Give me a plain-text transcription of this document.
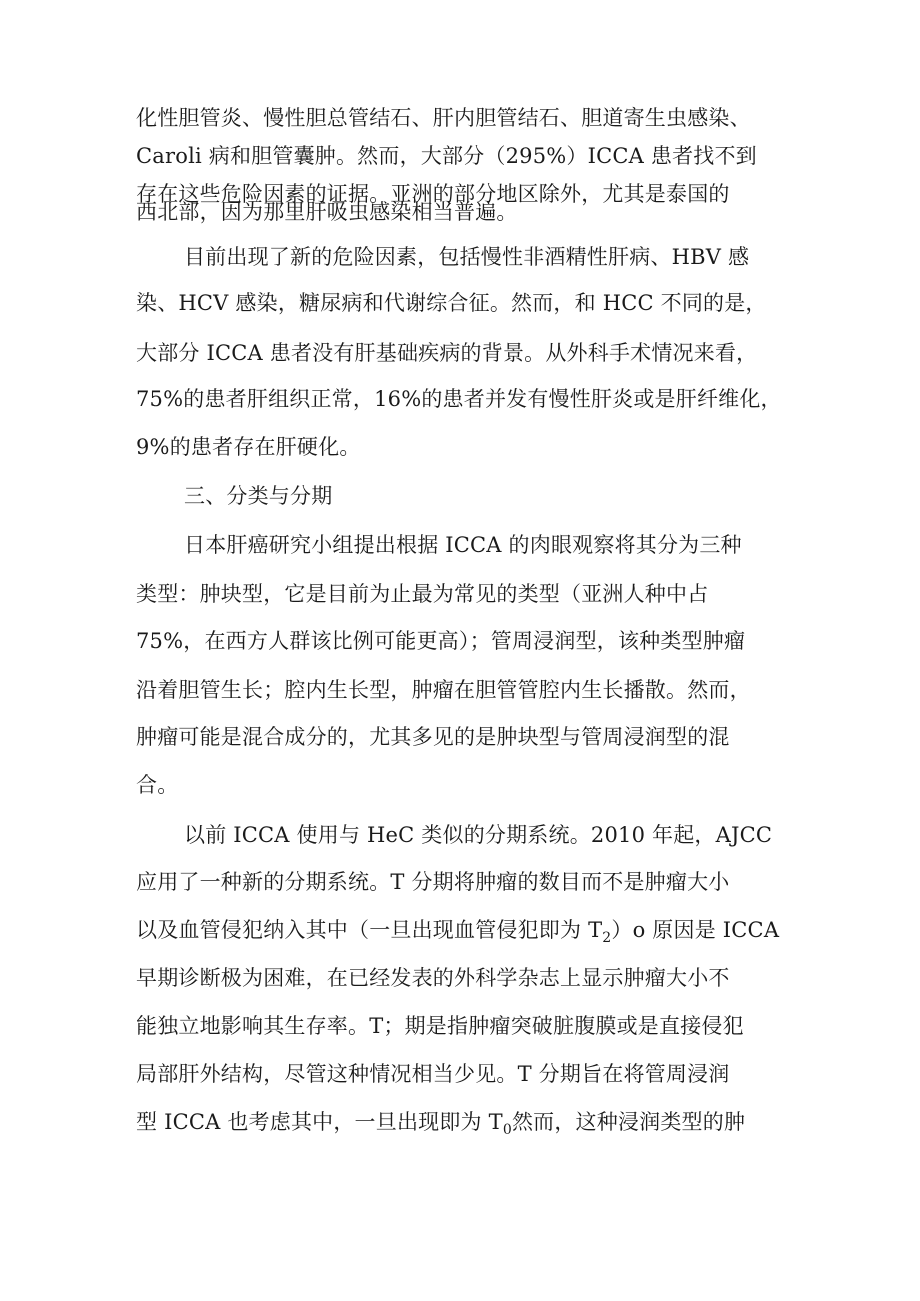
化性胆管炎、慢性胆总管结石、肝内胆管结石、胆道寄生虫感染、
Caroli 病和胆管囊肿。然而，大部分（295%）ICCA 患者找不到
存在这些危险因素的证据。亚洲的部分地区除外，尤其是泰国的
西北部，因为那里肝吸虫感染相当普遍。
目前出现了新的危险因素，包括慢性非酒精性肝病、HBV 感
染、HCV 感染，糖尿病和代谢综合征。然而，和 HCC 不同的是，
大部分 ICCA 患者没有肝基础疾病的背景。从外科手术情况来看，
75%的患者肝组织正常，16%的患者并发有慢性肝炎或是肝纤维化，
9%的患者存在肝硬化。
三、分类与分期
日本肝癌研究小组提出根据 ICCA 的肉眼观察将其分为三种
类型：肿块型，它是目前为止最为常见的类型（亚洲人种中占
75%，在西方人群该比例可能更高）；管周浸润型，该种类型肿瘤
沿着胆管生长；腔内生长型，肿瘤在胆管管腔内生长播散。然而，
肿瘤可能是混合成分的，尤其多见的是肿块型与管周浸润型的混
合。
以前 ICCA 使用与 HeC 类似的分期系统。2010 年起，AJCC
应用了一种新的分期系统。T 分期将肿瘤的数目而不是肿瘤大小
以及血管侵犯纳入其中（一旦出现血管侵犯即为 $T_2)o$ 原因是 ICCA
早期诊断极为困难，在已经发表的外科学杂志上显示肿瘤大小不
能独立地影响其生存率。T；期是指肿瘤突破脏腹膜或是直接侵犯
局部肝外结构，尽管这种情况相当少见。T 分期旨在将管周浸润
型 ICCA 也考虑其中，一旦出现即为 $T_0$然而，这种浸润类型的肿
